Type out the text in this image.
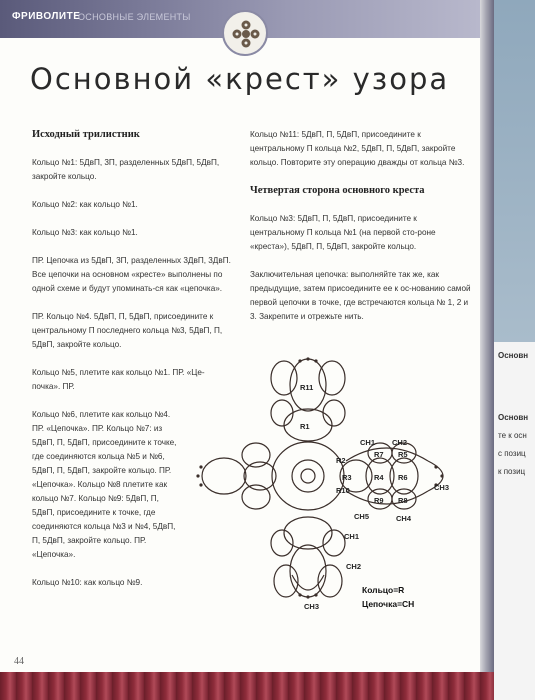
ФРИВОЛИТЕ
ОСНОВНЫЕ ЭЛЕМЕНТЫ
Основн
Основн
те к осн
с позиц
к позиц
Основной «крест» узора
Исходный трилистник

Кольцо №1: 5ДвП, 3П, разделенных 5ДвП, 5ДвП, закройте кольцо.

Кольцо №2: как кольцо №1.

Кольцо №3: как кольцо №1.

ПР. Цепочка из 5ДвП, 3П, разделенных 3ДвП, 3ДвП. Все цепочки на основном «кресте» выполнены по одной схеме и будут упоминать-ся как «цепочка».

ПР. Кольцо №4. 5ДвП, П, 5ДвП, присоедините к центральному П последнего кольца №3, 5ДвП, П, 5ДвП, закройте кольцо.

Кольцо №5, плетите как кольцо №1. ПР. «Це-почка». ПР.

Кольцо №6, плетите как кольцо №4. ПР. «Цепочка». ПР. Кольцо №7: из 5ДвП, П, 5ДвП, присоедините к точке, где соединяются кольца №5 и №6, 5ДвП, П, 5ДвП, закройте кольцо. ПР. «Цепочка». Кольцо №8 плетите как кольцо №7. Кольцо №9: 5ДвП, П, 5ДвП, присоедините к точке, где соединяются кольца №3 и №4, 5ДвП, П, 5ДвП, закройте кольцо. ПР. «Цепочка».

Кольцо №10: как кольцо №9.

Кольцо №11: 5ДвП, П, 5ДвП, присоедините к центральному П кольца №2, 5ДвП, П, 5ДвП, закройте кольцо. Повторите эту операцию дважды от кольца №3.

Четвертая сторона основного креста

Кольцо №3: 5ДвП, П, 5ДвП, присоедините к центральному П кольца №1 (на первой сто-роне «креста»), 5ДвП, П, 5ДвП, закройте кольцо.

Заключительная цепочка: выполняйте так же, как предыдущие, затем присоедините ее к ос-нованию самой первой цепочки в точке, где встречаются кольца № 1, 2 и 3. Закрепите и отрежьте нить.

R11
R1
R3	R4 R6
R9 R8
R7 R5
R10
R2
CH1 CH2
CH3
CH4
CH5
CH1
CH2
CH3
Кольцо=R
Цепочка=CH
44
